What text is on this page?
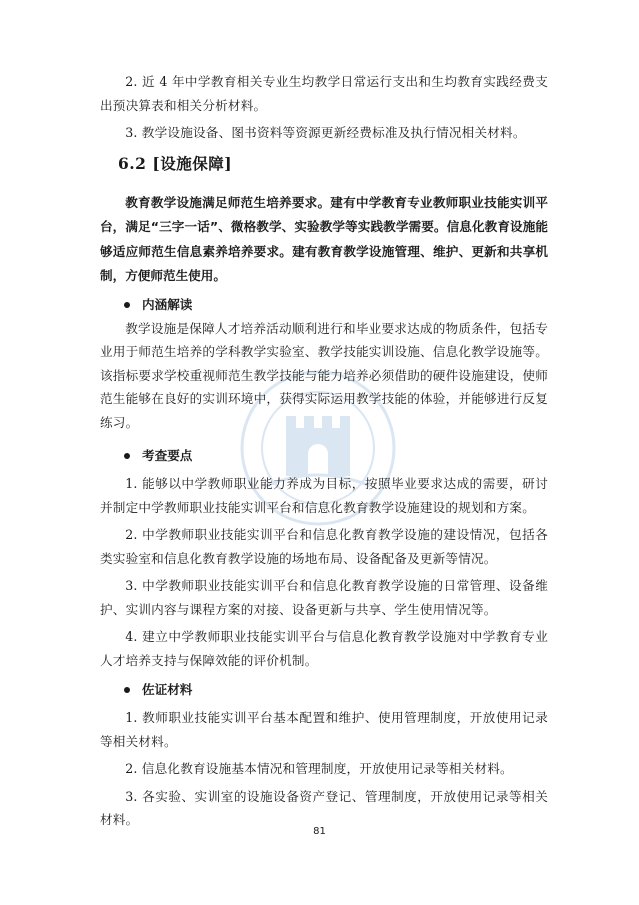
2. 近 4 年中学教育相关专业生均教学日常运行支出和生均教育实践经费支出预决算表和相关分析材料。

3. 教学设施设备、图书资料等资源更新经费标准及执行情况相关材料。

6.2 [设施保障]

教育教学设施满足师范生培养要求。建有中学教育专业教师职业技能实训平台，满足“三字一话”、微格教学、实验教学等实践教学需要。信息化教育设施能够适应师范生信息素养培养要求。建有教育教学设施管理、维护、更新和共享机制，方便师范生使用。

内涵解读

教学设施是保障人才培养活动顺利进行和毕业要求达成的物质条件，包括专业用于师范生培养的学科教学实验室、教学技能实训设施、信息化教学设施等。该指标要求学校重视师范生教学技能与能力培养必须借助的硬件设施建设，使师范生能够在良好的实训环境中，获得实际运用教学技能的体验，并能够进行反复练习。

考查要点

1. 能够以中学教师职业能力养成为目标，按照毕业要求达成的需要，研讨并制定中学教师职业技能实训平台和信息化教育教学设施建设的规划和方案。

2. 中学教师职业技能实训平台和信息化教育教学设施的建设情况，包括各类实验室和信息化教育教学设施的场地布局、设备配备及更新等情况。

3. 中学教师职业技能实训平台和信息化教育教学设施的日常管理、设备维护、实训内容与课程方案的对接、设备更新与共享、学生使用情况等。

4. 建立中学教师职业技能实训平台与信息化教育教学设施对中学教育专业人才培养支持与保障效能的评价机制。

佐证材料

1. 教师职业技能实训平台基本配置和维护、使用管理制度，开放使用记录等相关材料。

2. 信息化教育设施基本情况和管理制度，开放使用记录等相关材料。

3. 各实验、实训室的设施设备资产登记、管理制度，开放使用记录等相关材料。

81
